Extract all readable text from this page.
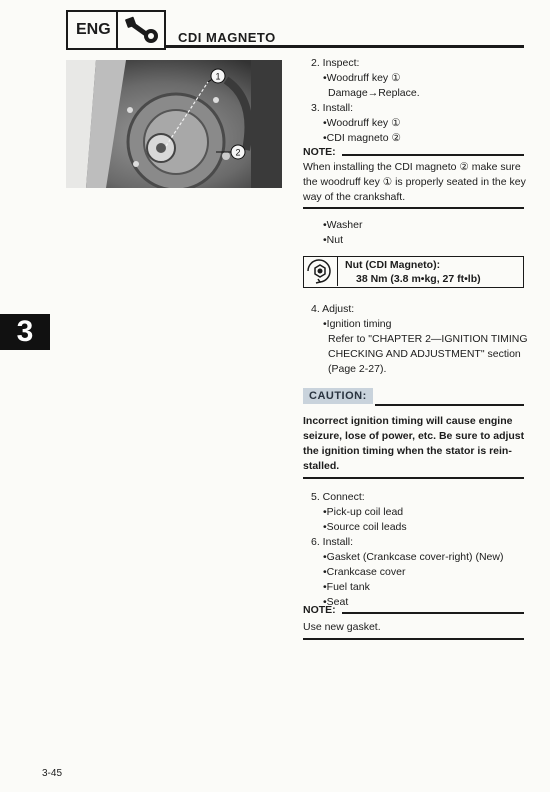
ENG	CDI MAGNETO
1
2
2. Inspect:
•Woodruff key ①
Damage→Replace.
3. Install:
•Woodruff key ①
•CDI magneto ②
NOTE:
When installing the CDI magneto ② make sure
the woodruff key ① is properly seated in the key
way of the crankshaft.
•Washer
•Nut
Nut (CDI Magneto):
38 Nm (3.8 m•kg, 27 ft•lb)
4. Adjust:
•Ignition timing
Refer to "CHAPTER 2—IGNITION TIMING
CHECKING AND ADJUSTMENT" section
(Page 2-27).
CAUTION:
Incorrect ignition timing will cause engine
seizure, lose of power, etc. Be sure to adjust
the ignition timing when the stator is rein-
stalled.
5. Connect:
•Pick-up coil lead
•Source coil leads
6. Install:
•Gasket (Crankcase cover-right) (New)
•Crankcase cover
•Fuel tank
•Seat
NOTE:
Use new gasket.
3
3-45
